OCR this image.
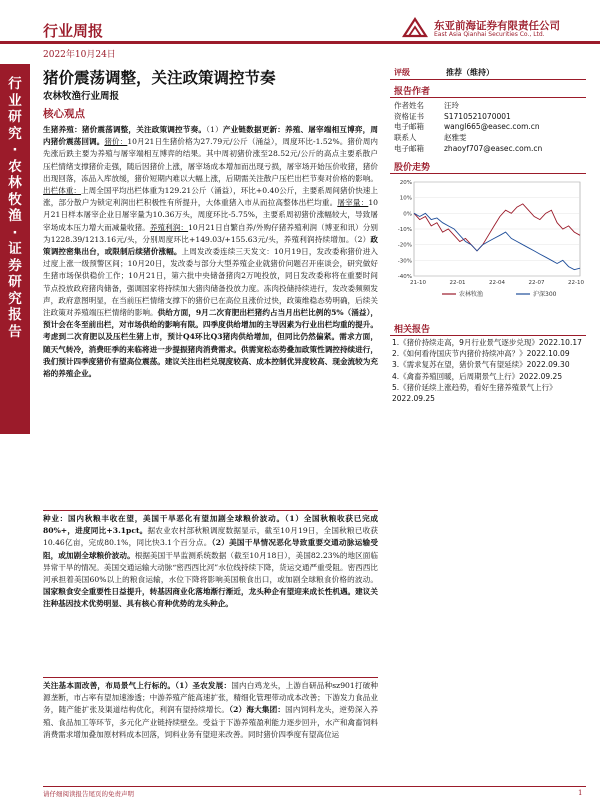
行业周报	东亚前海证券有限责任公司
East Asia Qianhai Securities Co., Ltd.
2022年10月24日
行
业
研
究
·
农
林
牧
渔
·
证
券
研
究
报
告
猪价震荡调整，关注政策调控节奏
农林牧渔行业周报
核心观点
生猪养殖：猪价震荡调整，关注政策调控节奏。（1）产业链数据更新：养殖、屠宰端相互博弈，周内猪价震荡回调。猪价：10月21日生猪价格为27.79元/公斤（涌益），周度环比-1.52%。猪价周内先涨后跌主要为养殖与屠宰端相互博弈的结果。其中周初猪价涨至28.52元/公斤的高点主要系散户压栏情绪支撑猪价走强，随后因猪价上涨，屠宰场成本增加而出现亏损，屠宰场开始压价收猪，猪价出现回落，冻品入库放缓，猪价短期内难以大幅上涨，后期需关注散户压栏出栏节奏对价格的影响。出栏体重：上周全国平均出栏体重为129.21公斤（涌益），环比+0.40公斤，主要系周间猪价快速上涨，部分散户为锁定利润出栏积极性有所提升，大体重猪入市从而拉高整体出栏均重。屠宰量：10月21日样本屠宰企业日屠宰量为10.36万头，周度环比-5.75%，主要系周初猪价涨幅较大，导致屠宰场成本压力增大而减量收猪。养殖利润：10月21日自繁自养/外购仔猪养殖利润（博亚和讯）分别为1228.39/1213.16元/头，分别周度环比+149.03/+155.63元/头，养殖利润持续增加。（2）政策调控密集出台，或限制后续猪价涨幅。上周发改委连续三天发文：10月19日，发改委称猪价进入过度上涨一级预警区间；10月20日，发改委与部分大型养殖企业就猪价问题召开座谈会，研究做好生猪市场保供稳价工作；10月21日，第六批中央储备猪肉2万吨投放，同日发改委称将在重要时间节点投放政府猪肉储备，强调国家将持续加大猪肉储备投放力度。冻肉投储持续进行，发改委频频发声，政府意图明显，在当前压栏情绪支撑下的猪价已在高位且涨价过快，政策维稳态势明确，后续关注政策对养殖端压栏情绪的影响。供给方面，9月二次育肥出栏猪约占当月出栏比例的5%（涌益），预计会在冬至前出栏，对市场供给的影响有限。四季度供给增加的主导因素为行业出栏均重的提升。考虑到二次育肥以及压栏生猪上市，预计Q4环比Q3猪肉供给增加，但同比仍然偏紧。需求方面，随天气转冷，消费旺季的来临将进一步提振猪肉消费需求。供需宽松态势叠加政策性调控持续进行，我们预计四季度猪价有望高位震荡。建议关注出栏兑现度较高、成本控制优异度较高、现金流较为充裕的养殖企业。
种业：国内秋粮丰收在望，美国干旱恶化有望加剧全球粮价波动。（1）全国秋粮收获已完成80%+，进度同比+3.1pct。据农业农村部秋粮调度数据显示，截至10月19日，全国秋粮已收获10.46亿亩，完成80.1%，同比快3.1个百分点。（2）美国干旱情况恶化导致重要交通动脉运输受阻，或加剧全球粮价波动。根据美国干旱监测系统数据（截至10月18日），美国82.23%的地区面临异常干旱的情况。美国交通运输大动脉“密西西比河”水位线持续下降，货运交通严重受阻。密西西比河承担着美国60%以上的粮食运输，水位下降将影响美国粮食出口，或加剧全球粮食价格的波动。国家粮食安全重要性日益提升，转基因商业化落地渐行渐近，龙头种企有望迎来成长性机遇。建议关注种基因技术优势明显、具有核心育种优势的龙头种企。
关注基本面改善，布局景气上行标的。（1）圣农发展：国内白鸡龙头，上游自研品种sz901打破种源垄断，市占率有望加速渗透；中游养殖产能高速扩张，精细化管理带动成本改善；下游发力食品业务，随产能扩张及渠道结构优化，利润有望持续增长。（2）海大集团：国内饲料龙头，逆势深入养殖、食品加工等环节，多元化产业链持续壁垒。受益于下游养殖盈利能力逐步回升，水产和禽畜饲料消费需求增加叠加原材料成本回落，饲料业务有望迎来改善。同时猪价四季度有望高位运
评级	推荐（维持）
报告作者
作者姓名	汪玲
资格证书	S1710521070001
电子邮箱	wangl665@easec.com.cn
联系人	赵雅雯
电子邮箱	zhaoyf707@easec.com.cn
股价走势
20%
10%
0%
-10%
-20%
-30%
-40%
21-10	22-01	22-04	22-07	22-10
农林牧渔	沪深300
相关报告
1.《猪价持续走高，9月行业景气逐步兑现》2022.10.17
2.《如何看待国庆节内猪价持续冲高？》2022.10.09
3.《需求复苏在望，猪价景气有望延续》2022.09.30
4.《禽畜养殖回暖，后周期景气上行》2022.09.25
5.《猪价延续上涨趋势，看好生猪养殖景气上行》2022.09.25
请仔细阅读报告尾页的免责声明	1
